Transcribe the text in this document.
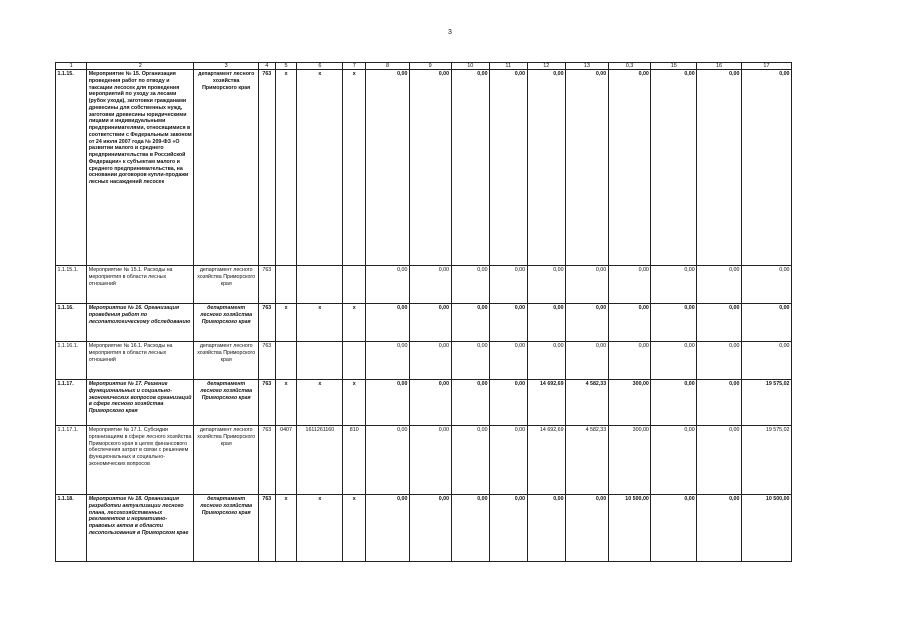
3
1	2	3	4	5	6	7	8	9	10	11	12	13	0,3	15	16	17
1.1.15.	Мероприятие № 15. Организация проведения работ по отводу и таксации лесосек для проведения мероприятий по уходу за лесами (рубок ухода), заготовки гражданами древесины для собственных нужд, заготовки древесины юридическими лицами и индивидуальными предпринимателями, относящимися в соответствии с Федеральным законом от 24 июля 2007 года № 209-ФЗ «О развитии малого и среднего предпринимательства в Российской Федерации» к субъектам малого и среднего предпринимательства, на основании договоров купли-продажи лесных насаждений лесосек	департамент лесного хозяйства Приморского края	763	x	x	x	0,00	0,00	0,00	0,00	0,00	0,00	0,00	0,00	0,00	0,00
1.1.15.1.	Мероприятие № 15.1. Расходы на мероприятия в области лесных отношений	департамент лесного хозяйства Приморского края	763				0,00	0,00	0,00	0,00	0,00	0,00	0,00	0,00	0,00	0,00
1.1.16.	Мероприятие № 16. Организация проведения работ по лесопатологическому обследованию	департамент лесного хозяйства Приморского края	763	x	x	x	0,00	0,00	0,00	0,00	0,00	0,00	0,00	0,00	0,00	0,00
1.1.16.1.	Мероприятие № 16.1. Расходы на мероприятия в области лесных отношений	департамент лесного хозяйства Приморского края	763				0,00	0,00	0,00	0,00	0,00	0,00	0,00	0,00	0,00	0,00
1.1.17.	Мероприятие № 17. Решение функциональных и социально-экономических вопросов организаций в сфере лесного хозяйства Приморского края	департамент лесного хозяйства Приморского края	763	x	x	x	0,00	0,00	0,00	0,00	14 692,69	4 582,33	300,00	0,00	0,00	19 575,02
1.1.17.1.	Мероприятие № 17.1. Субсидии организациям в сфере лесного хозяйства Приморского края в целях финансового обеспечения затрат в связи с решением функциональных и социально-экономических вопросов	департамент лесного хозяйства Приморского края	763	0407	1611261160	810	0,00	0,00	0,00	0,00	14 692,69	4 582,33	300,00	0,00	0,00	19 575,02
1.1.18.	Мероприятие № 18. Организация разработки актуализации лесного плана, лесохозяйственных регламентов и нормативно-правовых актов в области лесопользования в Приморском крае	департамент лесного хозяйства Приморского края	763	x	x	x	0,00	0,00	0,00	0,00	0,00	0,00	10 500,00	0,00	0,00	10 500,00
